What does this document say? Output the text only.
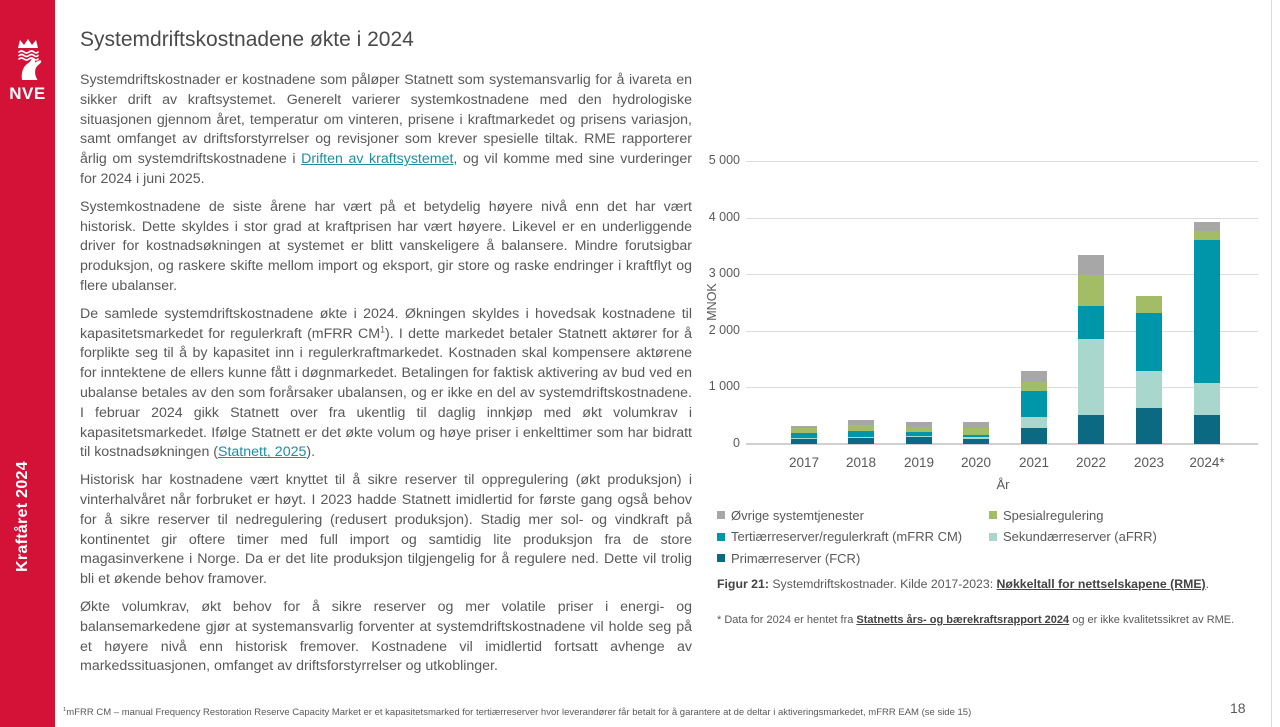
NVE
Kraftåret 2024
Systemdriftskostnadene økte i 2024

Systemdriftskostnader er kostnadene som påløper Statnett som systemansvarlig for å ivareta en sikker drift av kraftsystemet. Generelt varierer systemkostnadene med den hydrologiske situasjonen gjennom året, temperatur om vinteren, prisene i kraftmarkedet og prisens variasjon, samt omfanget av driftsforstyrrelser og revisjoner som krever spesielle tiltak. RME rapporterer årlig om systemdriftskostnadene i Driften av kraftsystemet, og vil komme med sine vurderinger for 2024 i juni 2025.

Systemkostnadene de siste årene har vært på et betydelig høyere nivå enn det har vært historisk. Dette skyldes i stor grad at kraftprisen har vært høyere. Likevel er en underliggende driver for kostnadsøkningen at systemet er blitt vanskeligere å balansere. Mindre forutsigbar produksjon, og raskere skifte mellom import og eksport, gir store og raske endringer i kraftflyt og flere ubalanser.

De samlede systemdriftskostnadene økte i 2024. Økningen skyldes i hovedsak kostnadene til kapasitetsmarkedet for regulerkraft (mFRR $CM^1$). I dette markedet betaler Statnett aktører for å forplikte seg til å by kapasitet inn i regulerkraftmarkedet. Kostnaden skal kompensere aktørene for inntektene de ellers kunne fått i døgnmarkedet. Betalingen for faktisk aktivering av bud ved en ubalanse betales av den som forårsaker ubalansen, og er ikke en del av systemdriftskostnadene. I februar 2024 gikk Statnett over fra ukentlig til daglig innkjøp med økt volumkrav i kapasitetsmarkedet. Ifølge Statnett er det økte volum og høye priser i enkelttimer som har bidratt til kostnadsøkningen (Statnett, 2025).

Historisk har kostnadene vært knyttet til å sikre reserver til oppregulering (økt produksjon) i vinterhalvåret når forbruket er høyt. I 2023 hadde Statnett imidlertid for første gang også behov for å sikre reserver til nedregulering (redusert produksjon). Stadig mer sol- og vindkraft på kontinentet gir oftere timer med full import og samtidig lite produksjon fra de store magasinverkene i Norge. Da er det lite produksjon tilgjengelig for å regulere ned. Dette vil trolig bli et økende behov framover.

Økte volumkrav, økt behov for å sikre reserver og mer volatile priser i energi- og balansemarkedene gjør at systemansvarlig forventer at systemdriftskostnadene vil holde seg på et høyere nivå enn historisk fremover. Kostnadene vil imidlertid fortsatt avhenge av markedssituasjonen, omfanget av driftsforstyrrelser og utkoblinger.

MNOK
År
0
1 000
2 000
3 000
4 000
5 000
2017	2018	2019	2020	2021	2022	2023	2024*
Øvrige systemtjenester	Spesialregulering
Tertiærreserver/regulerkraft (mFRR CM)	Sekundærreserver (aFRR)
Primærreserver (FCR)

Figur 21: Systemdriftskostnader. Kilde 2017-2023: Nøkkeltall for nettselskapene (RME).

* Data for 2024 er hentet fra Statnetts års- og bærekraftsrapport 2024 og er ikke kvalitetssikret av RME.

$^1$mFRR CM – manual Frequency Restoration Reserve Capacity Market er et kapasitetsmarked for tertiærreserver hvor leverandører får betalt for å garantere at de deltar i aktiveringsmarkedet, mFRR EAM (se side 15)	18
